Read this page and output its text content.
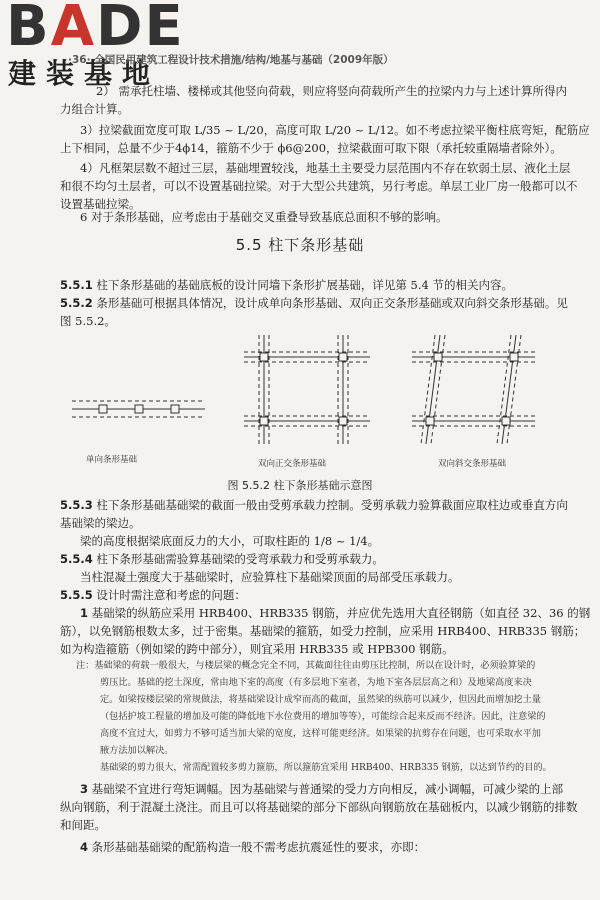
BADE
建装基地
·36· 全国民用建筑工程设计技术措施/结构/地基与基础（2009年版）
2） 需承托柱墙、楼梯或其他竖向荷载，则应将竖向荷载所产生的拉梁内力与上述计算所得内
力组合计算。
3）拉梁截面宽度可取 L/35 ~ L/20，高度可取 L/20 ~ L/12。如不考虑拉梁平衡柱底弯矩，配筋应
上下相同，总量不少于4ϕ14，箍筋不少于 ϕ6@200，拉梁截面可取下限（承托较重隔墙者除外）。
4）凡框架层数不超过三层，基础埋置较浅，地基土主要受力层范围内不存在软弱土层、液化土层
和很不均匀土层者，可以不设置基础拉梁。对于大型公共建筑，另行考虑。单层工业厂房一般都可以不
设置基础拉梁。
6 对于条形基础，应考虑由于基础交叉重叠导致基底总面积不够的影响。
5.5 柱下条形基础
5.5.1 柱下条形基础的基础底板的设计同墙下条形扩展基础，详见第 5.4 节的相关内容。
5.5.2 条形基础可根据具体情况，设计成单向条形基础、双向正交条形基础或双向斜交条形基础。见
图 5.5.2。
单向条形基础	双向正交条形基础	双向斜交条形基础
图 5.5.2 柱下条形基础示意图
5.5.3 柱下条形基础基础梁的截面一般由受剪承载力控制。受剪承载力验算截面应取柱边或垂直方向
基础梁的梁边。
梁的高度根据梁底面反力的大小，可取柱距的 1/8 ~ 1/4。
5.5.4 柱下条形基础需验算基础梁的受弯承载力和受剪承载力。
当柱混凝土强度大于基础梁时，应验算柱下基础梁顶面的局部受压承载力。
5.5.5 设计时需注意和考虑的问题：
1 基础梁的纵筋应采用 HRB400、HRB335 钢筋，并应优先选用大直径钢筋（如直径 32、36 的钢
筋），以免钢筋根数太多，过于密集。基础梁的箍筋，如受力控制，应采用 HRB400、HRB335 钢筋；
如为构造箍筋（例如梁的跨中部分），则宜采用 HRB335 或 HPB300 钢筋。
注：基础梁的荷载一般很大，与楼层梁的概念完全不同，其截面往往由剪压比控制，所以在设计时，必须验算梁的
剪压比。基础的挖土深度，常由地下室的高度（有多层地下室者，为地下室各层层高之和）及地梁高度来决
定。如梁按楼层梁的常规做法，将基础梁设计成窄而高的截面，虽然梁的纵筋可以减少，但因此而增加挖土量
（包括护坡工程量的增加及可能的降低地下水位费用的增加等等），可能综合起来反而不经济。因此，注意梁的
高度不宜过大，如剪力不够可适当加大梁的宽度，这样可能更经济。如果梁的抗剪存在问题，也可采取水平加
腋方法加以解决。
基础梁的剪力很大，常需配置较多剪力箍筋，所以箍筋宜采用 HRB400、HRB335 钢筋，以达到节约的目的。
3 基础梁不宜进行弯矩调幅。因为基础梁与普通梁的受力方向相反，减小调幅，可减少梁的上部
纵向钢筋，利于混凝土浇注。而且可以将基础梁的部分下部纵向钢筋放在基础板内，以减少钢筋的排数
和间距。
4 条形基础基础梁的配筋构造一般不需考虑抗震延性的要求，亦即：
